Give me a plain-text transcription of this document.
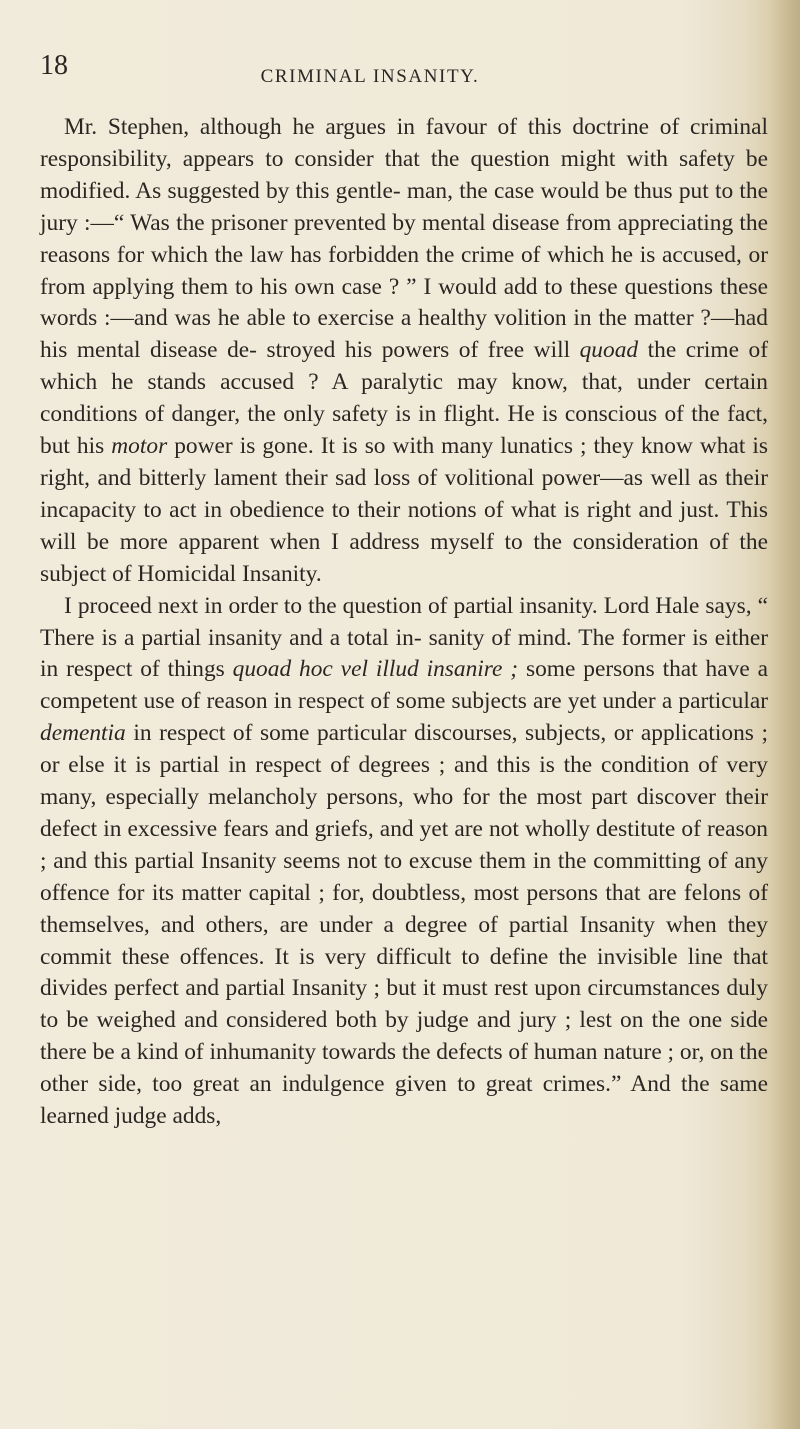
18	CRIMINAL INSANITY.

Mr. Stephen, although he argues in favour of this doctrine of criminal responsibility, appears to consider that the question might with safety be modified. As suggested by this gentle- man, the case would be thus put to the jury :—“ Was the prisoner prevented by mental disease from appreciating the reasons for which the law has forbidden the crime of which he is accused, or from applying them to his own case ? ” I would add to these questions these words :—and was he able to exercise a healthy volition in the matter ?—had his mental disease de- stroyed his powers of free will quoad the crime of which he stands accused ? A paralytic may know, that, under certain conditions of danger, the only safety is in flight. He is conscious of the fact, but his motor power is gone. It is so with many lunatics ; they know what is right, and bitterly lament their sad loss of volitional power—as well as their incapacity to act in obedience to their notions of what is right and just. This will be more apparent when I address myself to the consideration of the subject of Homicidal Insanity.

I proceed next in order to the question of partial insanity. Lord Hale says, “ There is a partial insanity and a total in- sanity of mind. The former is either in respect of things quoad hoc vel illud insanire ; some persons that have a competent use of reason in respect of some subjects are yet under a particular dementia in respect of some particular discourses, subjects, or applications ; or else it is partial in respect of degrees ; and this is the condition of very many, especially melancholy persons, who for the most part discover their defect in excessive fears and griefs, and yet are not wholly destitute of reason ; and this partial Insanity seems not to excuse them in the committing of any offence for its matter capital ; for, doubtless, most persons that are felons of themselves, and others, are under a degree of partial Insanity when they commit these offences. It is very difficult to define the invisible line that divides perfect and partial Insanity ; but it must rest upon circumstances duly to be weighed and considered both by judge and jury ; lest on the one side there be a kind of inhumanity towards the defects of human nature ; or, on the other side, too great an indulgence given to great crimes.” And the same learned judge adds,
